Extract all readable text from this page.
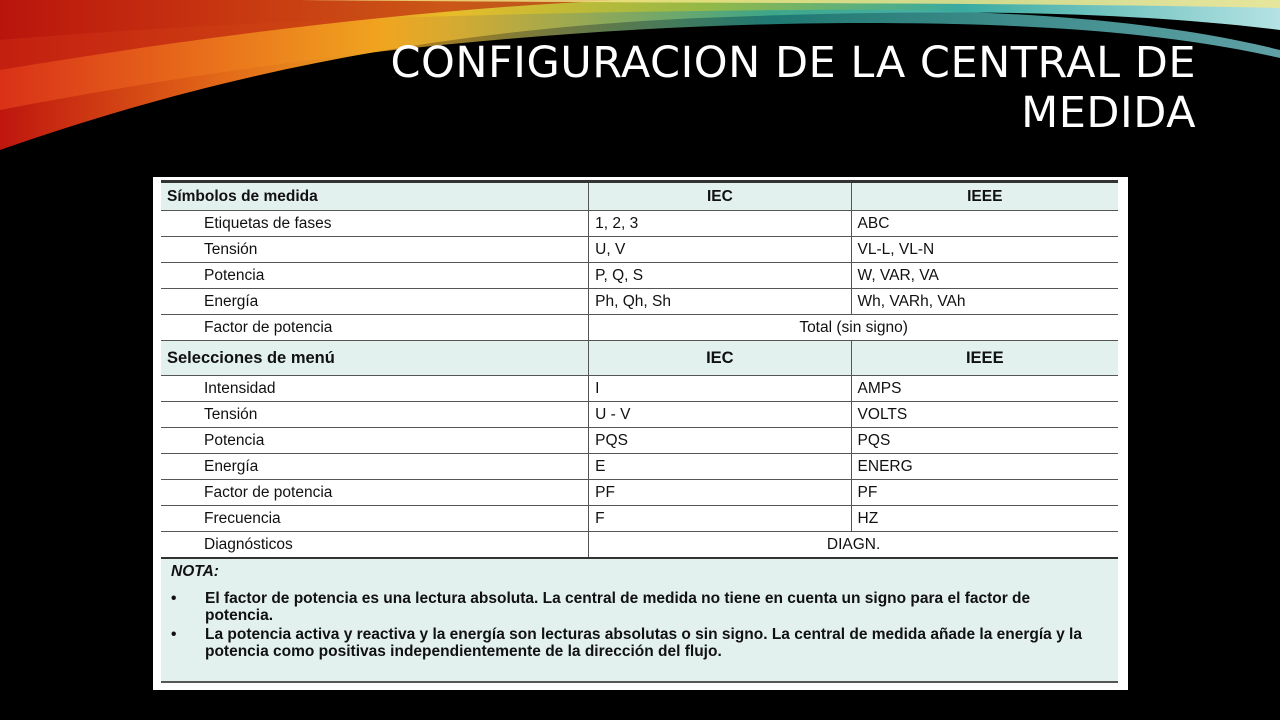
CONFIGURACION DE LA CENTRAL DE
MEDIDA
Símbolos de medida	IEC	IEEE
Etiquetas de fases	1, 2, 3	ABC
Tensión	U, V	VL-L, VL-N
Potencia	P, Q, S	W, VAR, VA
Energía	Ph, Qh, Sh	Wh, VARh, VAh
Factor de potencia	Total (sin signo)	
Selecciones de menú	IEC	IEEE
Intensidad	I	AMPS
Tensión	U - V	VOLTS
Potencia	PQS	PQS
Energía	E	ENERG
Factor de potencia	PF	PF
Frecuencia	F	HZ
Diagnósticos	DIAGN.	
NOTA:
• El factor de potencia es una lectura absoluta. La central de medida no tiene en cuenta un signo para el factor de potencia.
• La potencia activa y reactiva y la energía son lecturas absolutas o sin signo. La central de medida añade la energía y la potencia como positivas independientemente de la dirección del flujo.
